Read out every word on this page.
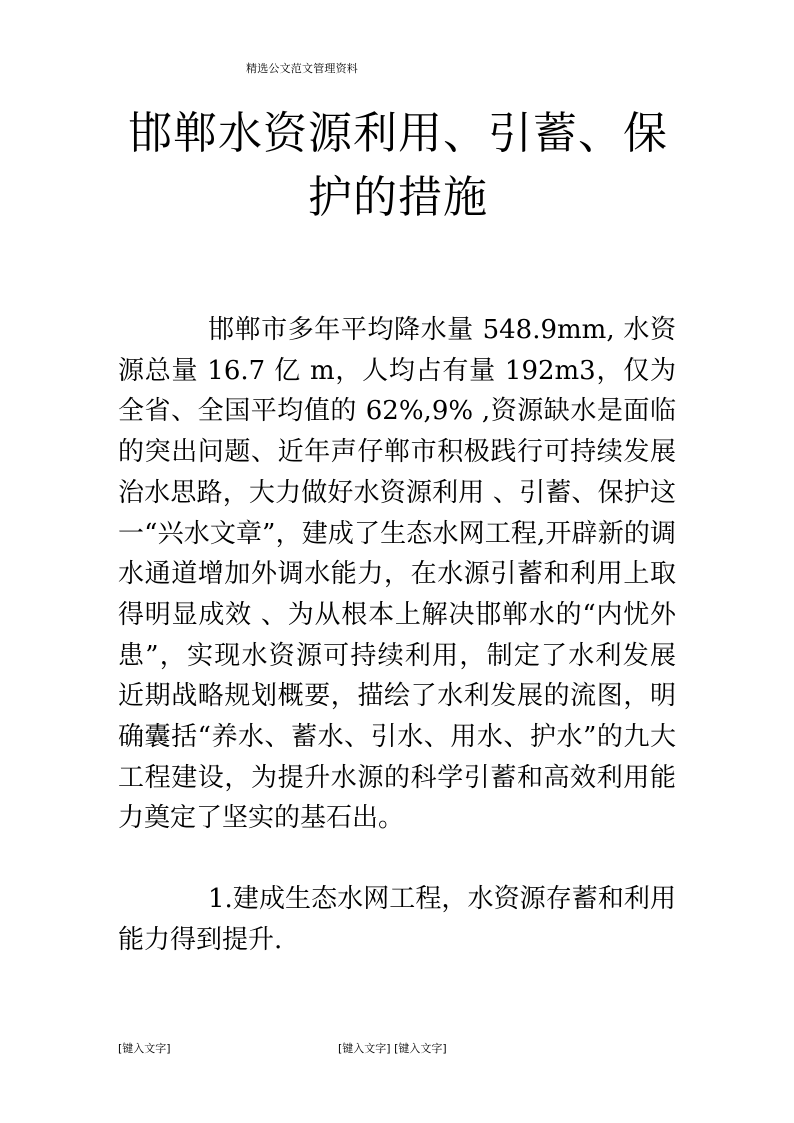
精选公文范文管理资料
邯郸水资源利用、引蓄、保护的措施

邯郸市多年平均降水量 548.9mm, 水资源总量 16.7 亿 m，人均占有量 192m3，仅为全省、全国平均值的 62%,9% ,资源缺水是面临的突出问题、近年声仔郸市积极践行可持续发展治水思路，大力做好水资源利用 、引蓄、保护这一“兴水文章”，建成了生态水网工程,开辟新的调水通道增加外调水能力，在水源引蓄和利用上取得明显成效 、为从根本上解决邯郸水的“内忧外患”，实现水资源可持续利用，制定了水利发展近期战略规划概要，描绘了水利发展的流图，明确囊括“养水、蓄水、引水、用水、护水”的九大工程建设，为提升水源的科学引蓄和高效利用能力奠定了坚实的基石出。

1.建成生态水网工程，水资源存蓄和利用能力得到提升.

[键入文字]	[键入文字] [键入文字]
